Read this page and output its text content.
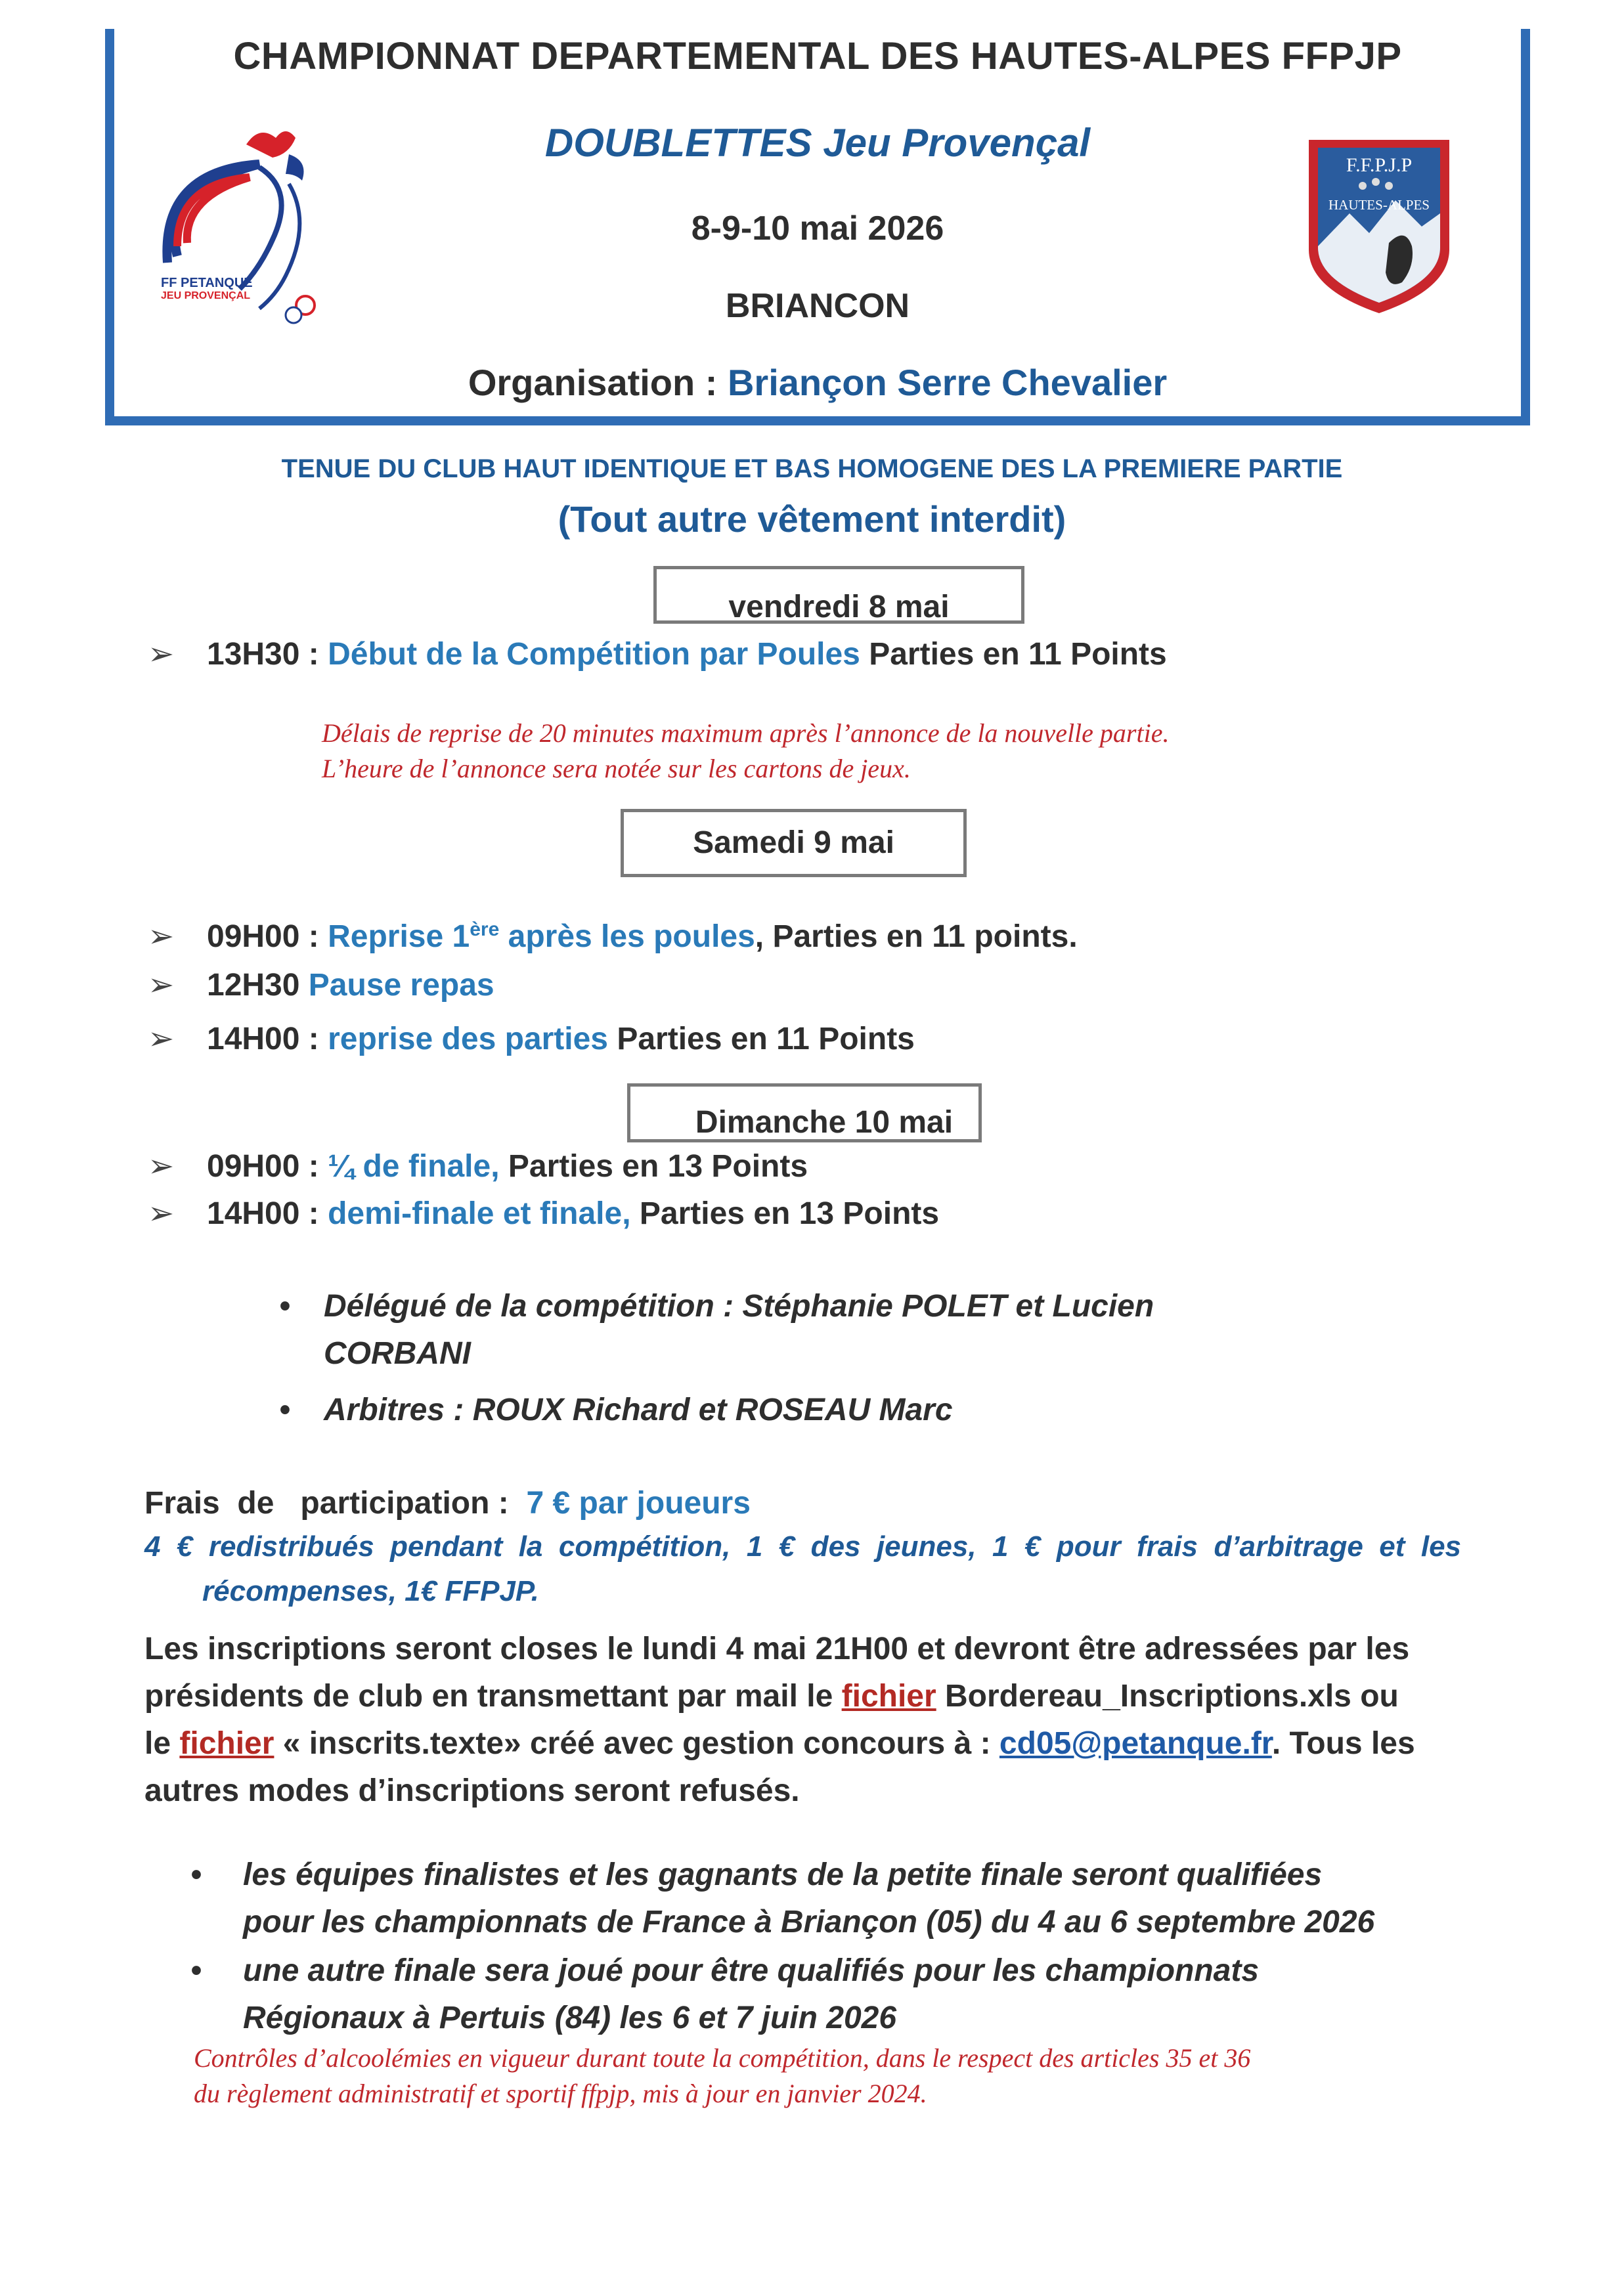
CHAMPIONNAT DEPARTEMENTAL DES HAUTES-ALPES FFPJP
DOUBLETTES Jeu Provençal
8-9-10 mai 2026
BRIANCON
Organisation : Briançon Serre Chevalier
FF PETANQUE
JEU PROVENÇAL
F.F.P.J.P
HAUTES-ALPES
TENUE DU CLUB HAUT IDENTIQUE ET BAS HOMOGENE DES LA PREMIERE PARTIE
(Tout autre vêtement interdit)
vendredi 8 mai
➢ 13H30 : Début de la Compétition par Poules Parties en 11 Points
Délais de reprise de 20 minutes maximum après l’annonce de la nouvelle partie.
L’heure de l’annonce sera notée sur les cartons de jeux.
Samedi 9 mai
➢ 09H00 : Reprise 1ère après les poules, Parties en 11 points.
➢ 12H30 Pause repas
➢ 14H00 : reprise des parties Parties en 11 Points
Dimanche 10 mai
➢ 09H00 : ¼ de finale, Parties en 13 Points
➢ 14H00 : demi-finale et finale, Parties en 13 Points
• Délégué de la compétition : Stéphanie POLET et Lucien
CORBANI
• Arbitres : ROUX Richard et ROSEAU Marc
Frais  de   participation :  7 € par joueurs
4  €  redistribués  pendant  la  compétition,  1  €  des  jeunes,  1  €  pour  frais  d’arbitrage  et  les
récompenses, 1€ FFPJP.
Les inscriptions seront closes le lundi 4 mai 21H00 et devront être adressées par les
présidents de club en transmettant par mail le fichier Bordereau_Inscriptions.xls ou
le fichier « inscrits.texte» créé avec gestion concours à : cd05@petanque.fr. Tous les
autres modes d’inscriptions seront refusés.
• les équipes finalistes et les gagnants de la petite finale seront qualifiées
pour les championnats de France à Briançon (05) du 4 au 6 septembre 2026
• une autre finale sera joué pour être qualifiés pour les championnats
Régionaux à Pertuis (84) les 6 et 7 juin 2026
Contrôles d’alcoolémies en vigueur durant toute la compétition, dans le respect des articles 35 et 36
du règlement administratif et sportif ffpjp, mis à jour en janvier 2024.
